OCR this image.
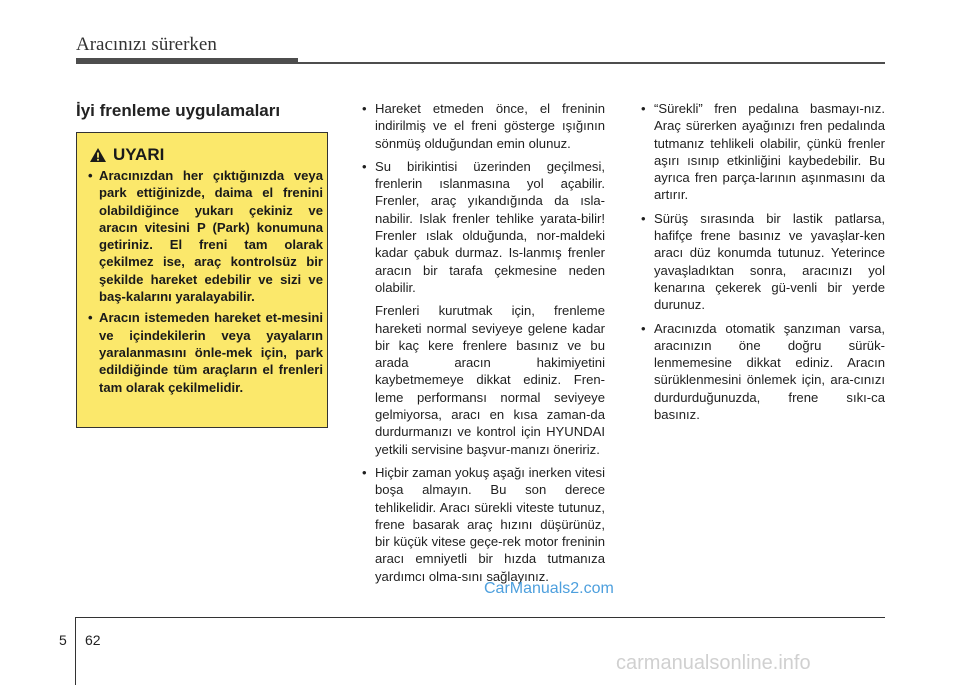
Aracınızı sürerken
İyi frenleme uygulamaları
UYARI
• Aracınızdan her çıktığınızda veya park ettiğinizde, daima el frenini olabildiğince yukarı çekiniz ve aracın vitesini P (Park) konumuna getiriniz. El freni tam olarak çekilmez ise, araç kontrolsüz bir şekilde hareket edebilir ve sizi ve baş-kalarını yaralayabilir.
• Aracın istemeden hareket et-mesini ve içindekilerin veya yayaların yaralanmasını önle-mek için, park edildiğinde tüm araçların el frenleri tam olarak çekilmelidir.
• Hareket etmeden önce, el freninin indirilmiş ve el freni gösterge ışığının sönmüş olduğundan emin olunuz.
• Su birikintisi üzerinden geçilmesi, frenlerin ıslanmasına yol açabilir. Frenler, araç yıkandığında da ısla-nabilir. Islak frenler tehlike yarata-bilir! Frenler ıslak olduğunda, nor-maldeki kadar çabuk durmaz. Is-lanmış frenler aracın bir tarafa çekmesine neden olabilir.

Frenleri kurutmak için, frenleme hareketi normal seviyeye gelene kadar bir kaç kere frenlere basınız ve bu arada aracın hakimiyetini kaybetmemeye dikkat ediniz. Fren-leme performansı normal seviyeye gelmiyorsa, aracı en kısa zaman-da durdurmanızı ve kontrol için HYUNDAI yetkili servisine başvur-manızı öneririz.

• Hiçbir zaman yokuş aşağı inerken vitesi boşa almayın. Bu son derece tehlikelidir. Aracı sürekli viteste tutunuz, frene basarak araç hızını düşürünüz, bir küçük vitese geçe-rek motor freninin aracı emniyetli bir hızda tutmanıza yardımcı olma-sını sağlayınız.
• “Sürekli” fren pedalına basmayı-nız. Araç sürerken ayağınızı fren pedalında tutmanız tehlikeli olabilir, çünkü frenler aşırı ısınıp etkinliğini kaybedebilir. Bu ayrıca fren parça-larının aşınmasını da artırır.
• Sürüş sırasında bir lastik patlarsa, hafifçe frene basınız ve yavaşlar-ken aracı düz konumda tutunuz. Yeterince yavaşladıktan sonra, aracınızı yol kenarına çekerek gü-venli bir yerde durunuz.
• Aracınızda otomatik şanzıman varsa, aracınızın öne doğru sürük-lenmemesine dikkat ediniz. Aracın sürüklenmesini önlemek için, ara-cınızı durdurduğunuzda, frene sıkı-ca basınız.
CarManuals2.com
5 62
carmanualsonline.info
